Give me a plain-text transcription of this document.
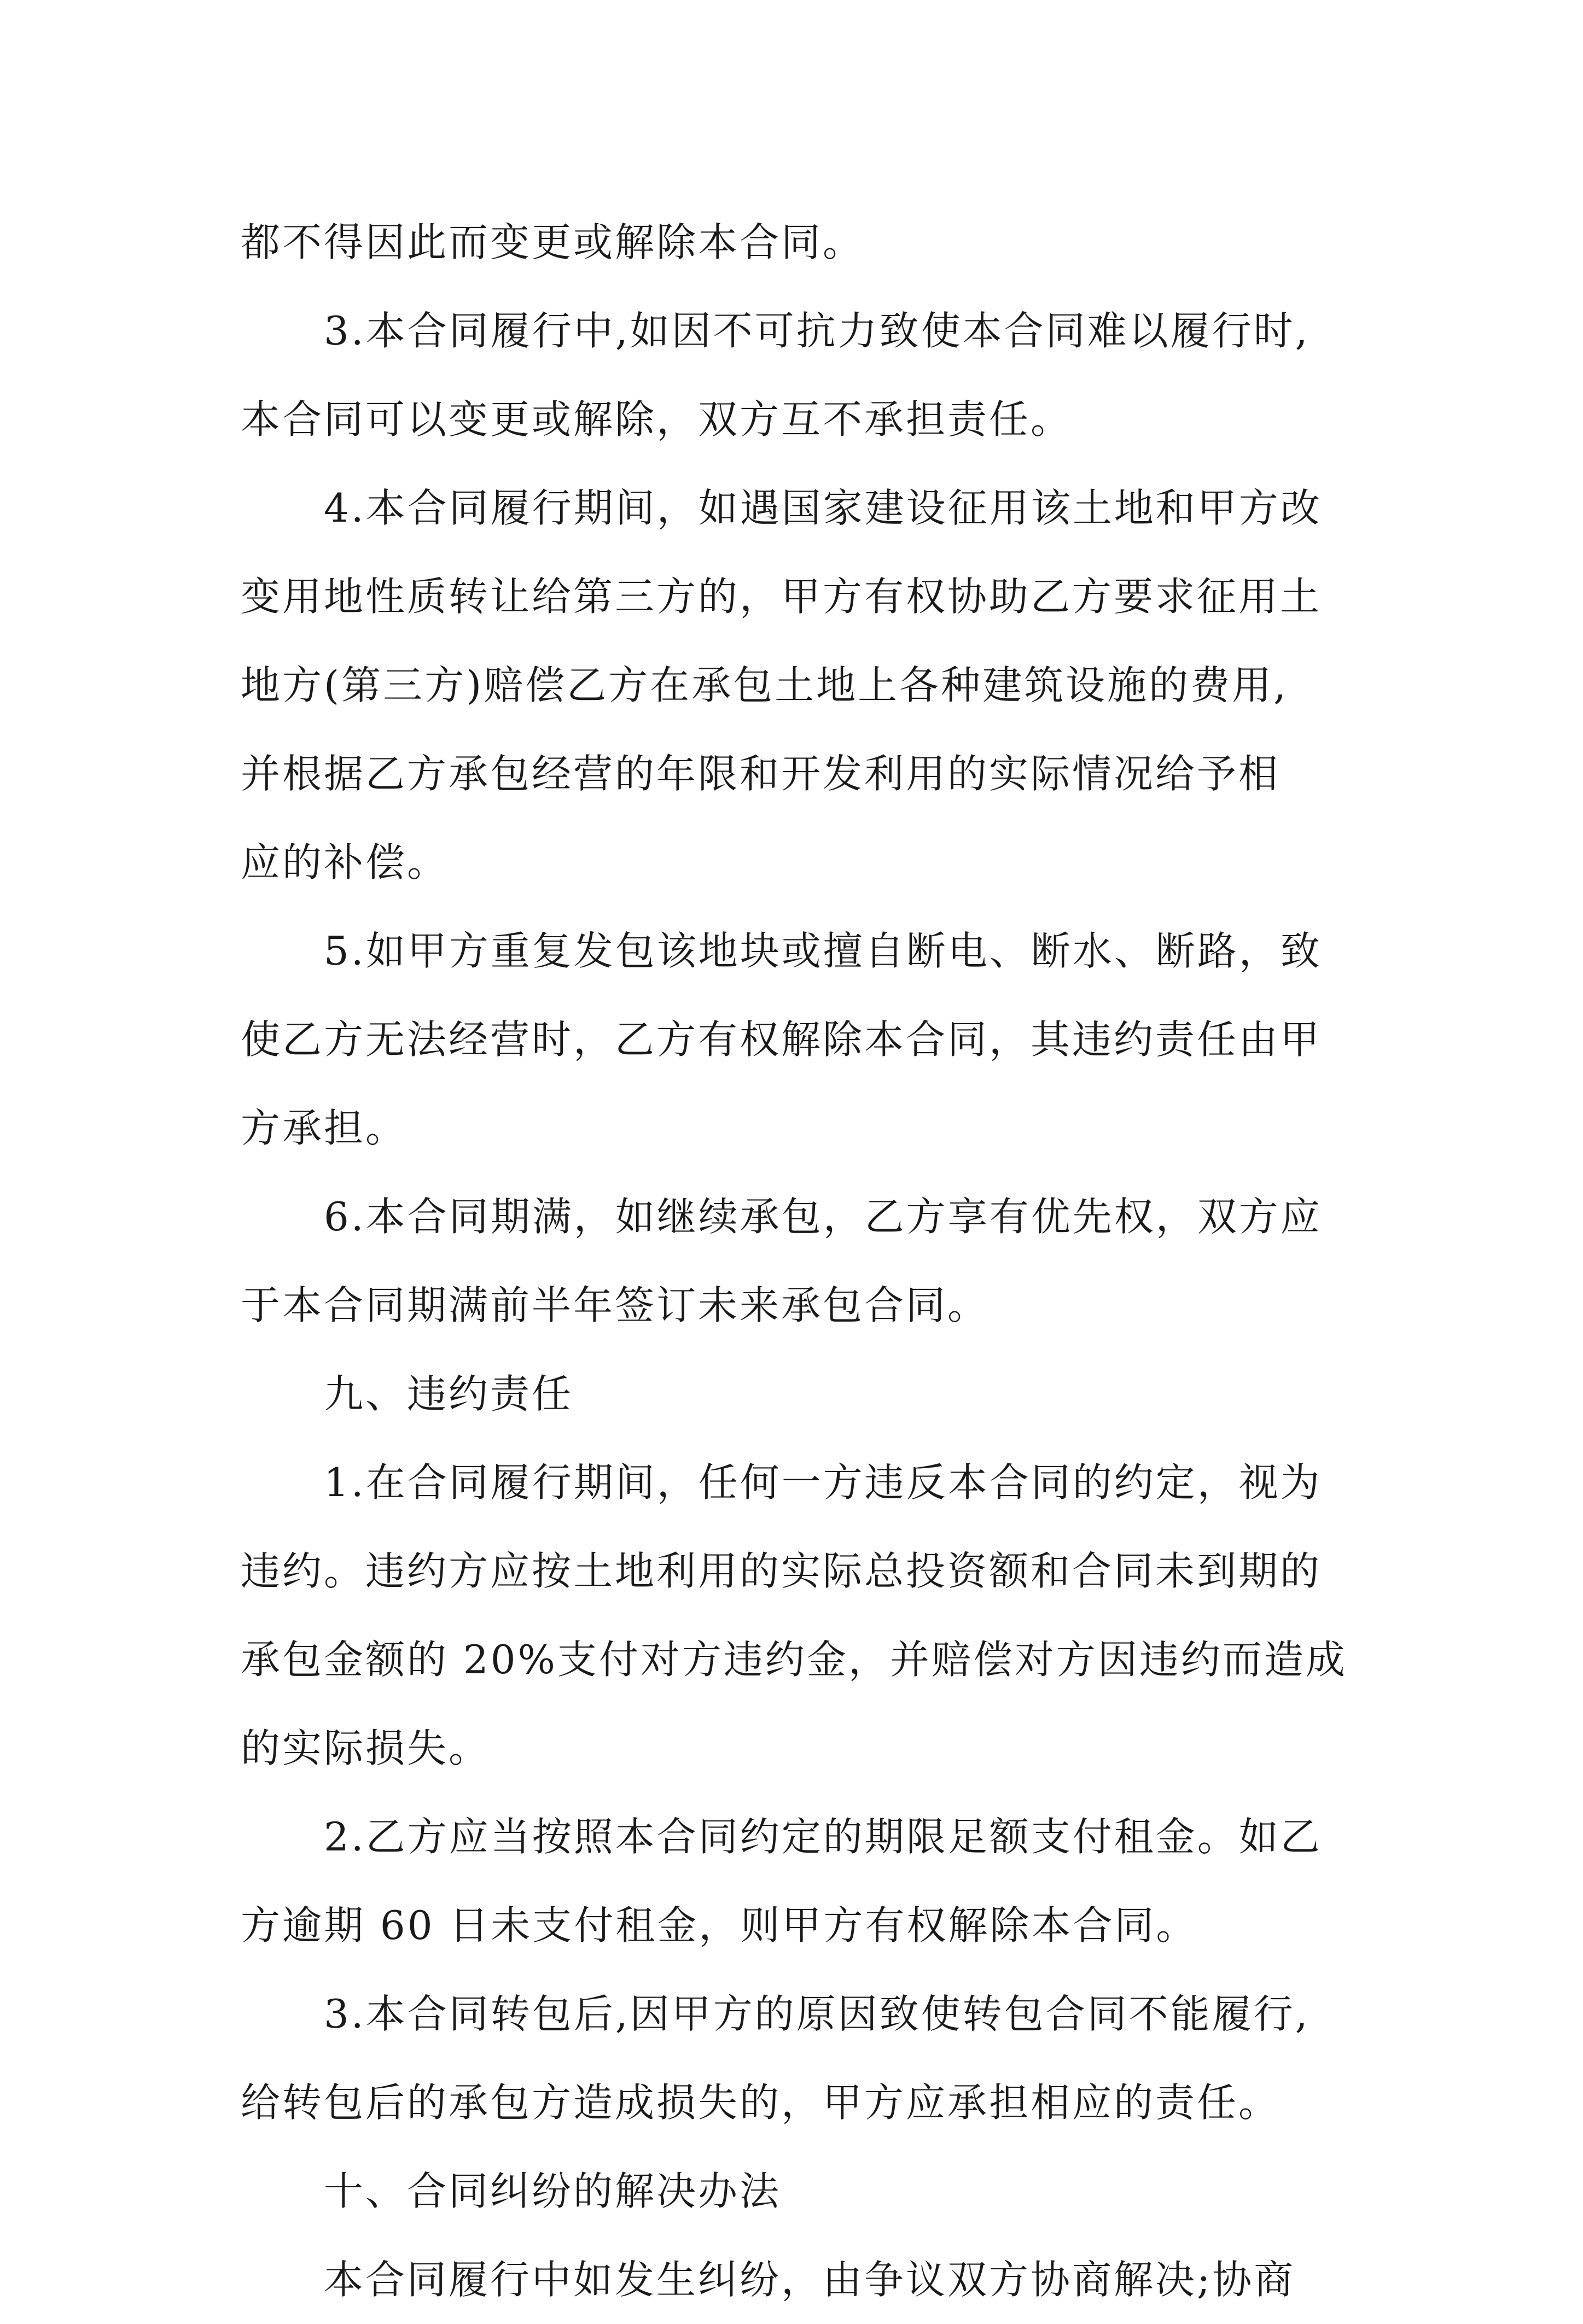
都不得因此而变更或解除本合同。

3.本合同履行中,如因不可抗力致使本合同难以履行时,

本合同可以变更或解除，双方互不承担责任。

4.本合同履行期间，如遇国家建设征用该土地和甲方改

变用地性质转让给第三方的，甲方有权协助乙方要求征用土

地方(第三方)赔偿乙方在承包土地上各种建筑设施的费用,

并根据乙方承包经营的年限和开发利用的实际情况给予相

应的补偿。

5.如甲方重复发包该地块或擅自断电、断水、断路，致

使乙方无法经营时，乙方有权解除本合同，其违约责任由甲

方承担。

6.本合同期满，如继续承包，乙方享有优先权，双方应

于本合同期满前半年签订未来承包合同。

九、违约责任

1.在合同履行期间，任何一方违反本合同的约定，视为

违约。违约方应按土地利用的实际总投资额和合同未到期的

承包金额的 20%支付对方违约金，并赔偿对方因违约而造成

的实际损失。

2.乙方应当按照本合同约定的期限足额支付租金。如乙

方逾期 60 日未支付租金，则甲方有权解除本合同。

3.本合同转包后,因甲方的原因致使转包合同不能履行,

给转包后的承包方造成损失的，甲方应承担相应的责任。

十、合同纠纷的解决办法

本合同履行中如发生纠纷，由争议双方协商解决;协商
